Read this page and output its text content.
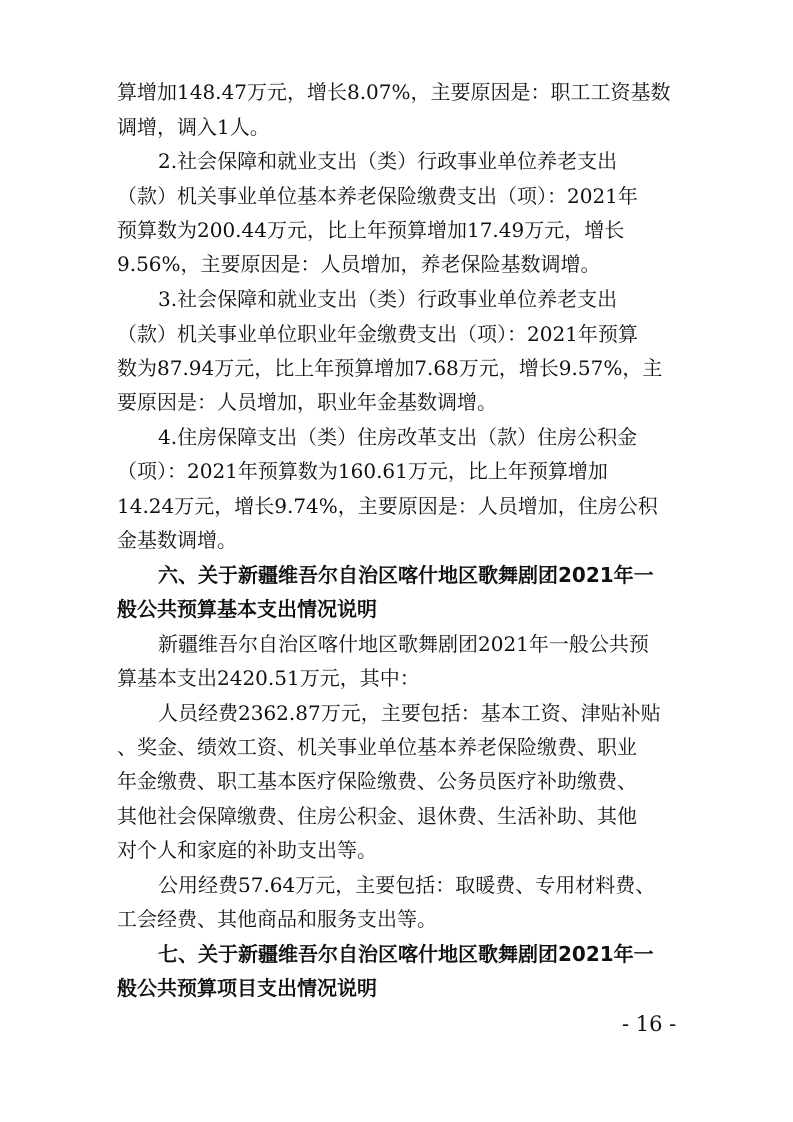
算增加148.47万元，增长8.07%，主要原因是：职工工资基数
调增，调入1人。
2.社会保障和就业支出（类）行政事业单位养老支出
（款）机关事业单位基本养老保险缴费支出（项）：2021年
预算数为200.44万元，比上年预算增加17.49万元，增长
9.56%，主要原因是：人员增加，养老保险基数调增。
3.社会保障和就业支出（类）行政事业单位养老支出
（款）机关事业单位职业年金缴费支出（项）：2021年预算
数为87.94万元，比上年预算增加7.68万元，增长9.57%，主
要原因是：人员增加，职业年金基数调增。
4.住房保障支出（类）住房改革支出（款）住房公积金
（项）：2021年预算数为160.61万元，比上年预算增加
14.24万元，增长9.74%，主要原因是：人员增加，住房公积
金基数调增。
六、关于新疆维吾尔自治区喀什地区歌舞剧团2021年一
般公共预算基本支出情况说明
新疆维吾尔自治区喀什地区歌舞剧团2021年一般公共预
算基本支出2420.51万元，其中：
人员经费2362.87万元，主要包括：基本工资、津贴补贴
、奖金、绩效工资、机关事业单位基本养老保险缴费、职业
年金缴费、职工基本医疗保险缴费、公务员医疗补助缴费、
其他社会保障缴费、住房公积金、退休费、生活补助、其他
对个人和家庭的补助支出等。
公用经费57.64万元，主要包括：取暖费、专用材料费、
工会经费、其他商品和服务支出等。
七、关于新疆维吾尔自治区喀什地区歌舞剧团2021年一
般公共预算项目支出情况说明
- 16 -
